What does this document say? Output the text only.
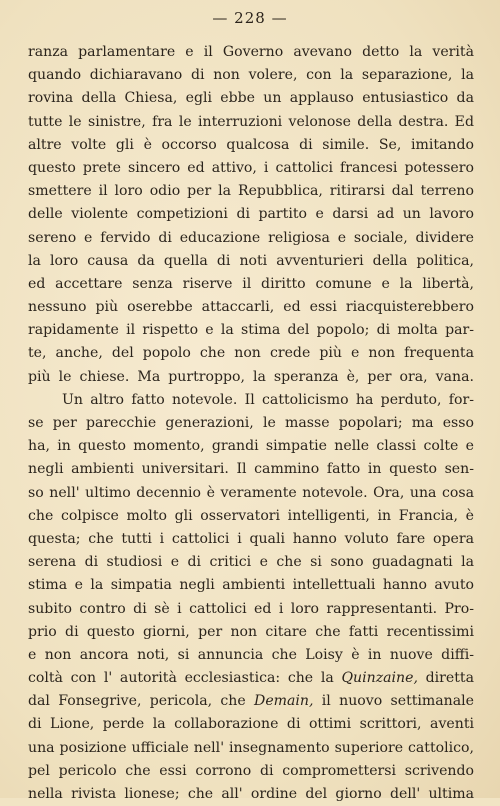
— 228 —
ranza parlamentare e il Governo avevano detto la verità
quando dichiaravano di non volere, con la separazione, la
rovina della Chiesa, egli ebbe un applauso entusiastico da
tutte le sinistre, fra le interruzioni velonose della destra. Ed
altre volte gli è occorso qualcosa di simile. Se, imitando
questo prete sincero ed attivo, i cattolici francesi potessero
smettere il loro odio per la Repubblica, ritirarsi dal terreno
delle violente competizioni di partito e darsi ad un lavoro
sereno e fervido di educazione religiosa e sociale, dividere
la loro causa da quella di noti avventurieri della politica,
ed accettare senza riserve il diritto comune e la libertà,
nessuno più oserebbe attaccarli, ed essi riacquisterebbero
rapidamente il rispetto e la stima del popolo; di molta par-
te, anche, del popolo che non crede più e non frequenta
più le chiese. Ma purtroppo, la speranza è, per ora, vana.
Un altro fatto notevole. Il cattolicismo ha perduto, for-
se per parecchie generazioni, le masse popolari; ma esso
ha, in questo momento, grandi simpatie nelle classi colte e
negli ambienti universitari. Il cammino fatto in questo sen-
so nell' ultimo decennio è veramente notevole. Ora, una cosa
che colpisce molto gli osservatori intelligenti, in Francia, è
questa; che tutti i cattolici i quali hanno voluto fare opera
serena di studiosi e di critici e che si sono guadagnati la
stima e la simpatia negli ambienti intellettuali hanno avuto
subito contro di sè i cattolici ed i loro rappresentanti. Pro-
prio di questo giorni, per non citare che fatti recentissimi
e non ancora noti, si annuncia che Loisy è in nuove diffi-
coltà con l' autorità ecclesiastica: che la Quinzaine, diretta
dal Fonsegrive, pericola, che Demain, il nuovo settimanale
di Lione, perde la collaborazione di ottimi scrittori, aventi
una posizione ufficiale nell' insegnamento superiore cattolico,
pel pericolo che essi corrono di compromettersi scrivendo
nella rivista lionese; che all' ordine del giorno dell' ultima
